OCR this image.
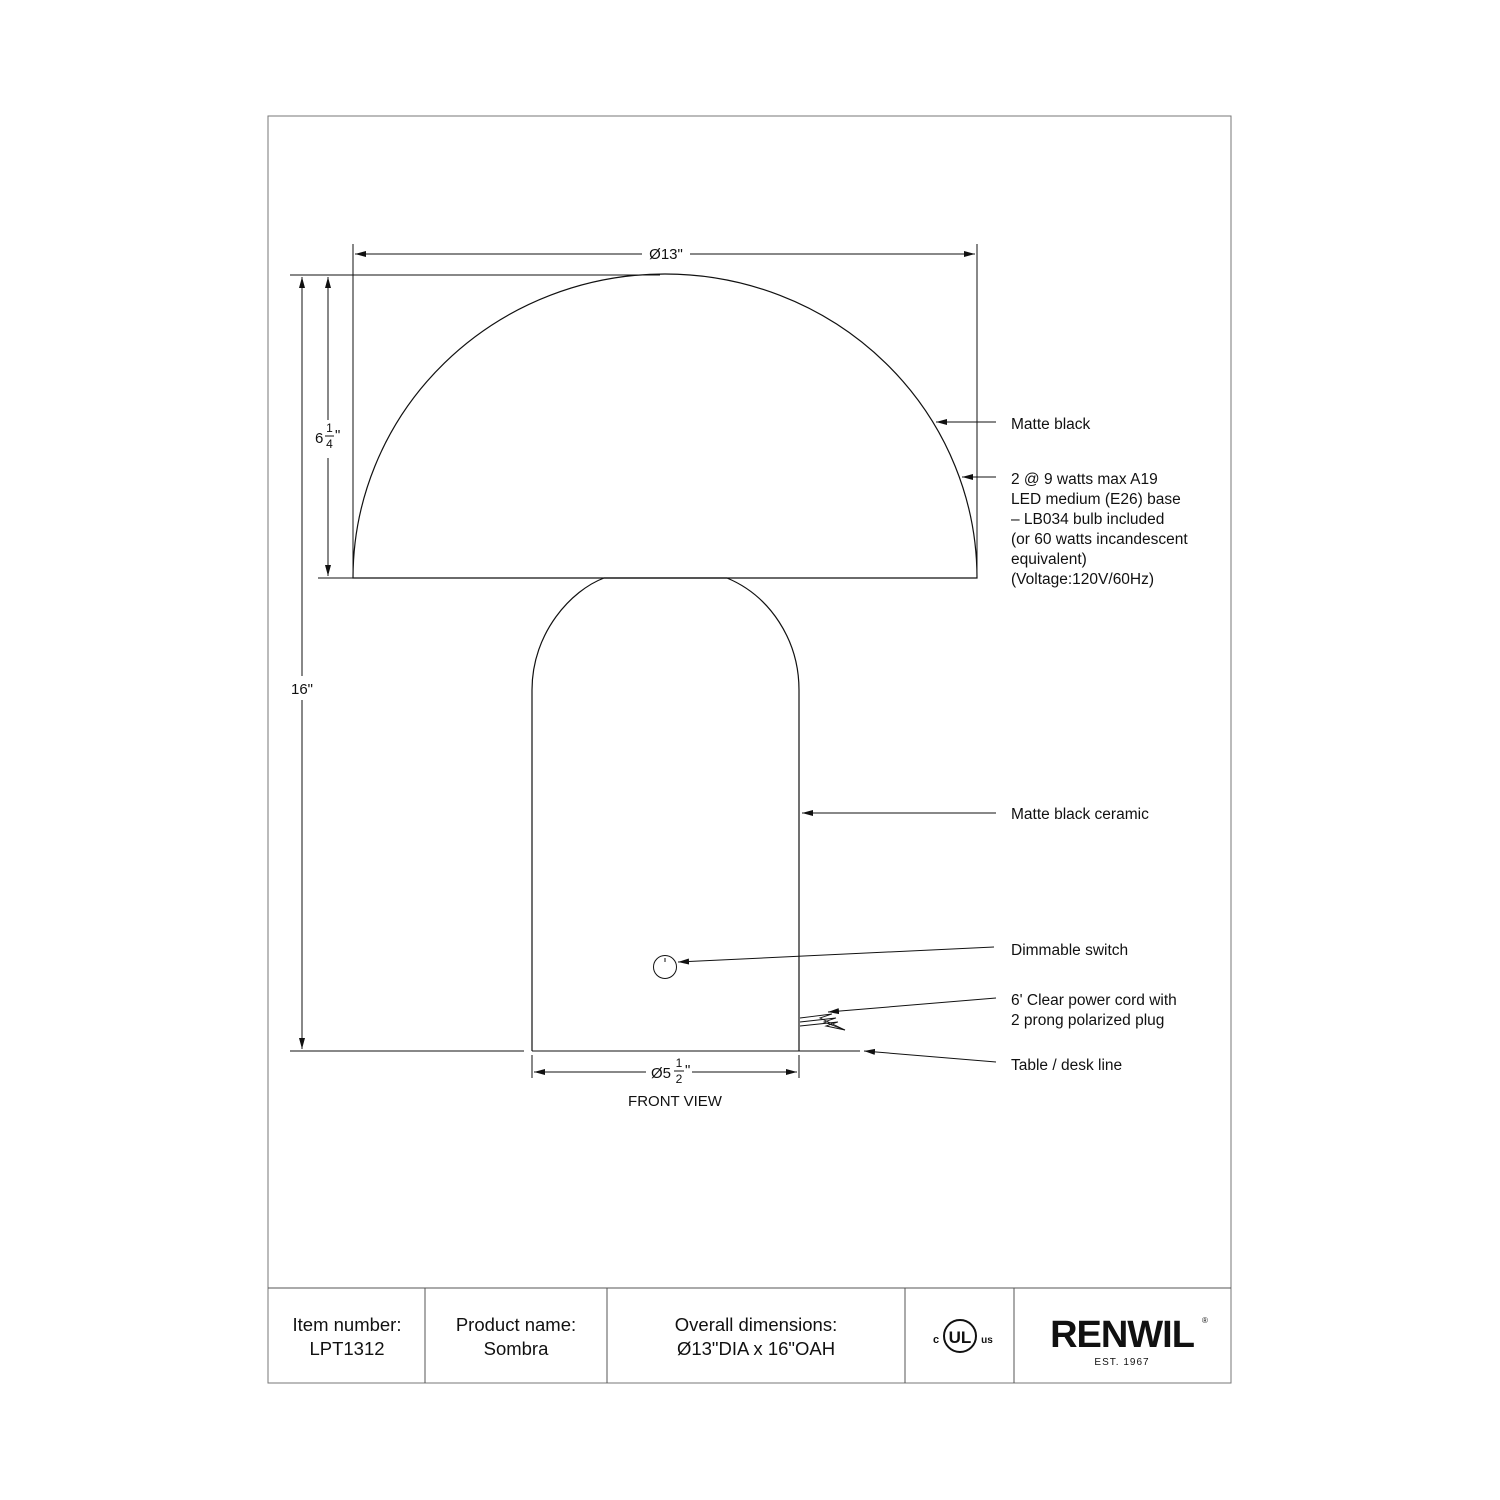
Ø13"
6
1
4 "
16"
Ø5
1
2 "
FRONT VIEW
Matte black
2 @ 9 watts max A19
LED medium (E26) base
– LB034 bulb included
(or 60 watts incandescent
equivalent)
(Voltage:120V/60Hz)
Matte black ceramic
Dimmable switch
6' Clear power cord with
2 prong polarized plug
Table / desk line
Item number:
LPT1312
Product name:
Sombra
Overall dimensions:
Ø13"DIA x 16"OAH
UL
c	us RENWIL ®
EST. 1967
